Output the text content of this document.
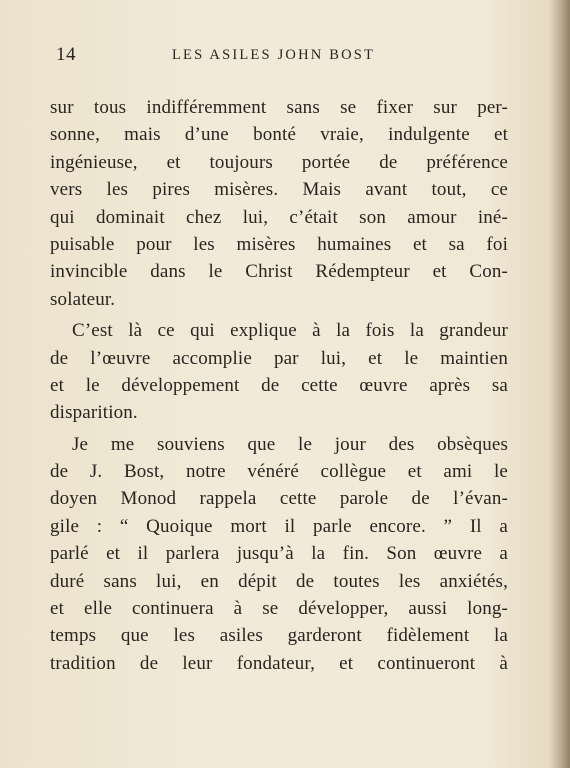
14	LES ASILES JOHN BOST
sur tous indifféremment sans se fixer sur per-
sonne, mais d’une bonté vraie, indulgente et
ingénieuse, et toujours portée de préférence
vers les pires misères. Mais avant tout, ce
qui dominait chez lui, c’était son amour iné-
puisable pour les misères humaines et sa foi
invincible dans le Christ Rédempteur et Con-
solateur.
C’est là ce qui explique à la fois la grandeur
de l’œuvre accomplie par lui, et le maintien
et le développement de cette œuvre après sa
disparition.
Je me souviens que le jour des obsèques
de J. Bost, notre vénéré collègue et ami le
doyen Monod rappela cette parole de l’évan-
gile : “ Quoique mort il parle encore. ” Il a
parlé et il parlera jusqu’à la fin. Son œuvre a
duré sans lui, en dépit de toutes les anxiétés,
et elle continuera à se développer, aussi long-
temps que les asiles garderont fidèlement la
tradition de leur fondateur, et continueront à
